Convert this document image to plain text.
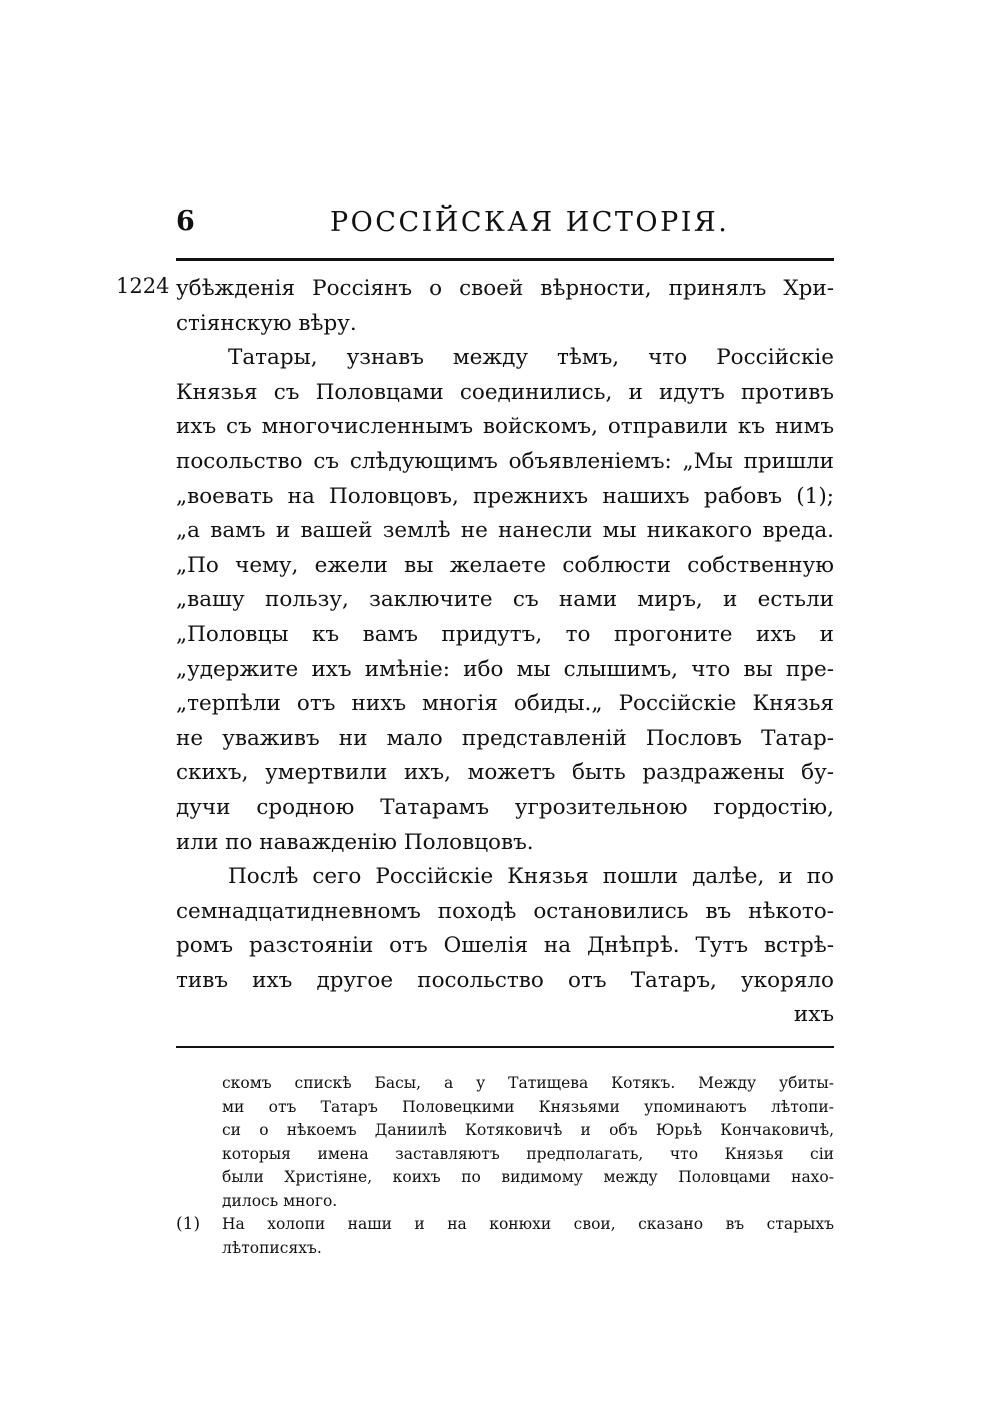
6	РОССІЙСКАЯ ИСТОРІЯ.
1224 убѣжденія Россіянъ о своей вѣрности, принялъ Хри-
стіянскую вѣру.
Татары, узнавъ между тѣмъ, что Россійскіе
Князья съ Половцами соединились, и идутъ противъ
ихъ съ многочисленнымъ войскомъ, отправили къ нимъ
посольство съ слѣдующимъ объявленіемъ: „Мы пришли
„воевать на Половцовъ, прежнихъ нашихъ рабовъ (1);
„а вамъ и вашей землѣ не нанесли мы никакого вреда.
„По чему, ежели вы желаете соблюсти собственную
„вашу пользу, заключите съ нами миръ, и естьли
„Половцы къ вамъ придутъ, то прогоните ихъ и
„удержите ихъ имѣніе: ибо мы слышимъ, что вы пре-
„терпѣли отъ нихъ многія обиды.„ Россійскіе Князья
не уваживъ ни мало представленій Пословъ Татар-
скихъ, умертвили ихъ, можетъ быть раздражены бу-
дучи сродною Татарамъ угрозительною гордостію,
или по наважденію Половцовъ.
Послѣ сего Россійскіе Князья пошли далѣе, и по
семнадцатидневномъ походѣ остановились въ нѣкото-
ромъ разстояніи отъ Ошелія на Днѣпрѣ. Тутъ встрѣ-
тивъ ихъ другое посольство отъ Татаръ, укоряло
ихъ
скомъ спискѣ Басы, а у Татищева Котякъ. Между убиты-
ми отъ Татаръ Половецкими Князьями упоминаютъ лѣтопи-
си о нѣкоемъ Даниилѣ Котяковичѣ и объ Юрьѣ Кончаковичѣ,
которыя имена заставляютъ предполагать, что Князья сіи
были Христіяне, коихъ по видимому между Половцами нахо-
дилось много.
(1)	На холопи наши и на конюхи свои, сказано въ старыхъ
лѣтописяхъ.
